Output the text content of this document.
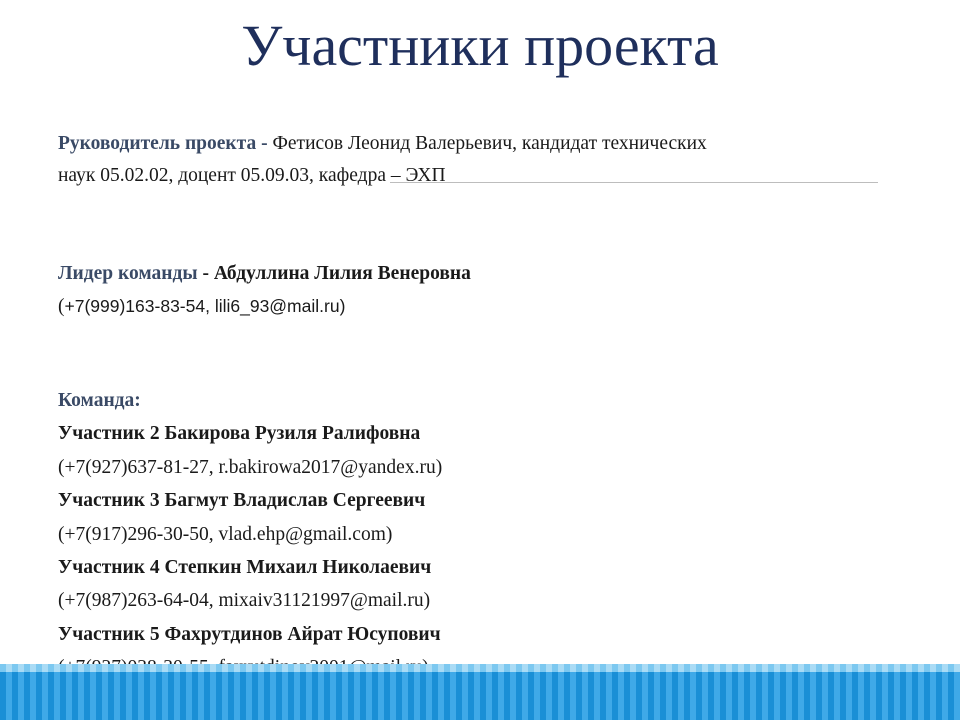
Участники проекта
Руководитель проекта - Фетисов Леонид Валерьевич, кандидат технических
наук 05.02.02, доцент 05.09.03, кафедра – ЭХП
Лидер команды - Абдуллина Лилия Венеровна
(+7(999)163-83-54, lili6_93@mail.ru)
Команда:
Участник 2 Бакирова Рузиля Ралифовна
(+7(927)637-81-27, r.bakirowa2017@yandex.ru)
Участник 3 Багмут Владислав Сергеевич
(+7(917)296-30-50, vlad.ehp@gmail.com)
Участник 4 Степкин Михаил Николаевич
(+7(987)263-64-04, mixaiv31121997@mail.ru)
Участник 5 Фахрутдинов Айрат Юсупович
